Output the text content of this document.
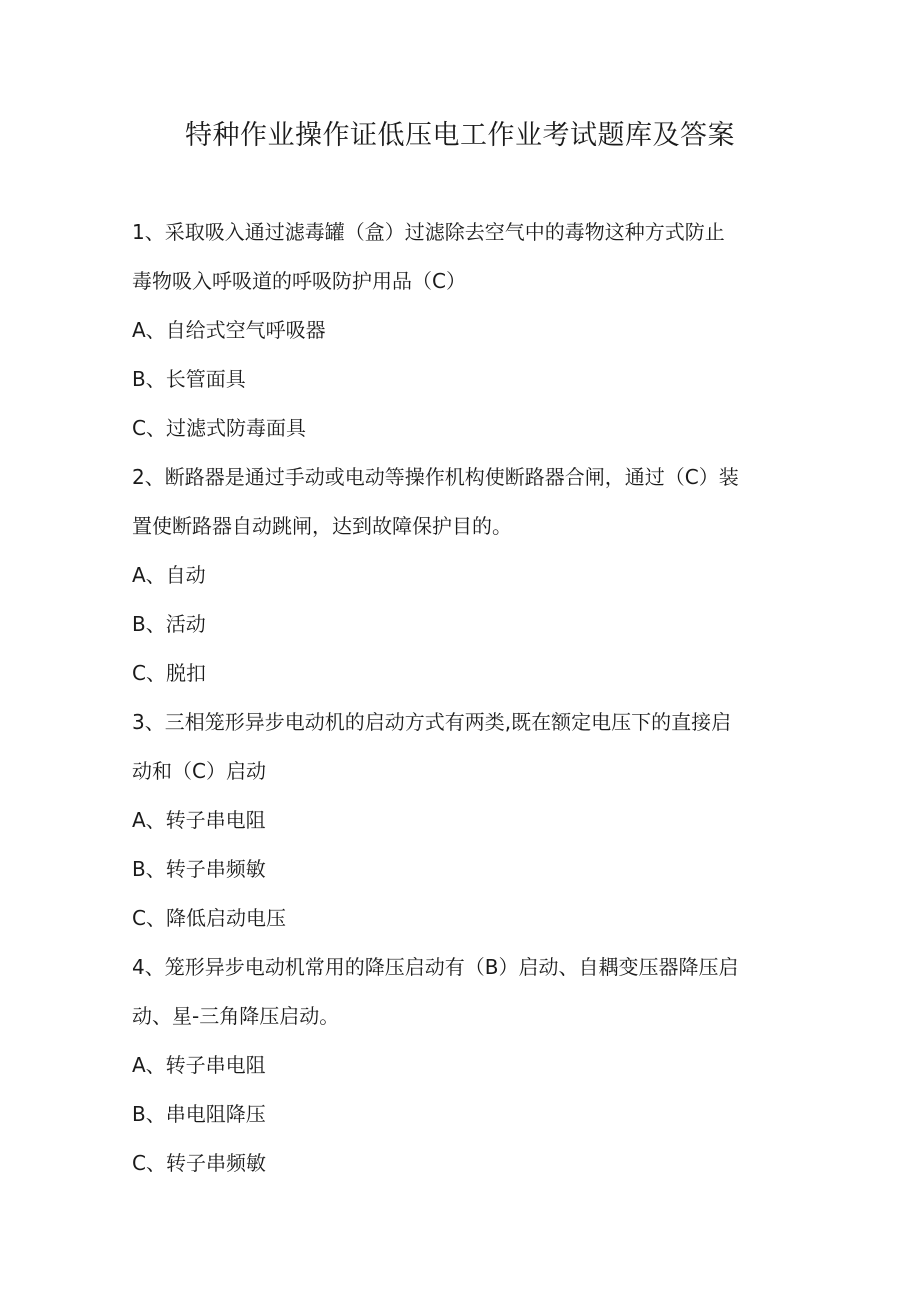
特种作业操作证低压电工作业考试题库及答案
1、采取吸入通过滤毒罐（盒）过滤除去空气中的毒物这种方式防止
毒物吸入呼吸道的呼吸防护用品（C）
A、自给式空气呼吸器
B、长管面具
C、过滤式防毒面具
2、断路器是通过手动或电动等操作机构使断路器合闸，通过（C）装
置使断路器自动跳闸，达到故障保护目的。
A、自动
B、活动
C、脱扣
3、三相笼形异步电动机的启动方式有两类,既在额定电压下的直接启
动和（C）启动
A、转子串电阻
B、转子串频敏
C、降低启动电压
4、笼形异步电动机常用的降压启动有（B）启动、自耦变压器降压启
动、星-三角降压启动。
A、转子串电阻
B、串电阻降压
C、转子串频敏
